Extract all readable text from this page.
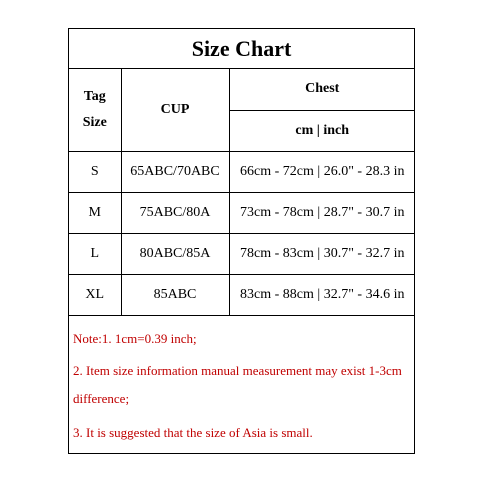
Size Chart
Tag
Size	CUP	Chest
		cm | inch
S	65ABC/70ABC	66cm - 72cm | 26.0" - 28.3 in
M	75ABC/80A	73cm - 78cm | 28.7" - 30.7 in
L	80ABC/85A	78cm - 83cm | 30.7" - 32.7 in
XL	85ABC	83cm - 88cm | 32.7" - 34.6 in
Note:1. 1cm=0.39 inch;
2. Item size information manual measurement may exist 1-3cm
difference;
3. It is suggested that the size of Asia is small.
